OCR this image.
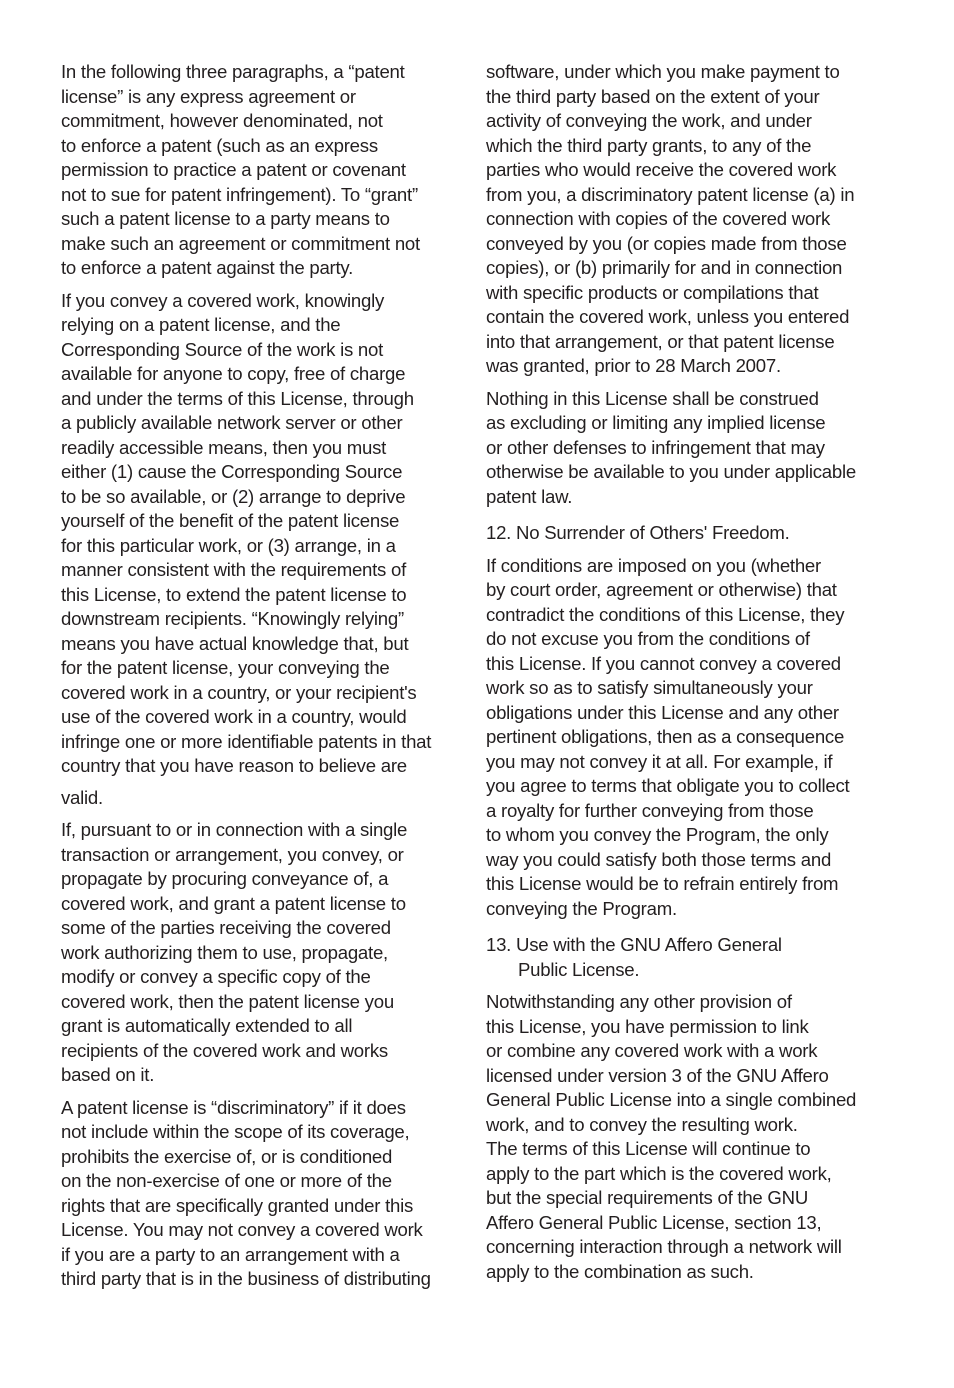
In the following three paragraphs, a “patent
license” is any express agreement or
commitment, however denominated, not
to enforce a patent (such as an express
permission to practice a patent or covenant
not to sue for patent infringement). To “grant”
such a patent license to a party means to
make such an agreement or commitment not
to enforce a patent against the party.
If you convey a covered work, knowingly
relying on a patent license, and the
Corresponding Source of the work is not
available for anyone to copy, free of charge
and under the terms of this License, through
a publicly available network server or other
readily accessible means, then you must
either (1) cause the Corresponding Source
to be so available, or (2) arrange to deprive
yourself of the benefit of the patent license
for this particular work, or (3) arrange, in a
manner consistent with the requirements of
this License, to extend the patent license to
downstream recipients. “Knowingly relying”
means you have actual knowledge that, but
for the patent license, your conveying the
covered work in a country, or your recipient's
use of the covered work in a country, would
infringe one or more identifiable patents in that
country that you have reason to believe are
valid.
If, pursuant to or in connection with a single
transaction or arrangement, you convey, or
propagate by procuring conveyance of, a
covered work, and grant a patent license to
some of the parties receiving the covered
work authorizing them to use, propagate,
modify or convey a specific copy of the
covered work, then the patent license you
grant is automatically extended to all
recipients of the covered work and works
based on it.
A patent license is “discriminatory” if it does
not include within the scope of its coverage,
prohibits the exercise of, or is conditioned
on the non-exercise of one or more of the
rights that are specifically granted under this
License. You may not convey a covered work
if you are a party to an arrangement with a
third party that is in the business of distributing
software, under which you make payment to
the third party based on the extent of your
activity of conveying the work, and under
which the third party grants, to any of the
parties who would receive the covered work
from you, a discriminatory patent license (a) in
connection with copies of the covered work
conveyed by you (or copies made from those
copies), or (b) primarily for and in connection
with specific products or compilations that
contain the covered work, unless you entered
into that arrangement, or that patent license
was granted, prior to 28 March 2007.
Nothing in this License shall be construed
as excluding or limiting any implied license
or other defenses to infringement that may
otherwise be available to you under applicable
patent law.
12. No Surrender of Others' Freedom.
If conditions are imposed on you (whether
by court order, agreement or otherwise) that
contradict the conditions of this License, they
do not excuse you from the conditions of
this License. If you cannot convey a covered
work so as to satisfy simultaneously your
obligations under this License and any other
pertinent obligations, then as a consequence
you may not convey it at all. For example, if
you agree to terms that obligate you to collect
a royalty for further conveying from those
to whom you convey the Program, the only
way you could satisfy both those terms and
this License would be to refrain entirely from
conveying the Program.
13. Use with the GNU Affero General
Public License.
Notwithstanding any other provision of
this License, you have permission to link
or combine any covered work with a work
licensed under version 3 of the GNU Affero
General Public License into a single combined
work, and to convey the resulting work.
The terms of this License will continue to
apply to the part which is the covered work,
but the special requirements of the GNU
Affero General Public License, section 13,
concerning interaction through a network will
apply to the combination as such.
